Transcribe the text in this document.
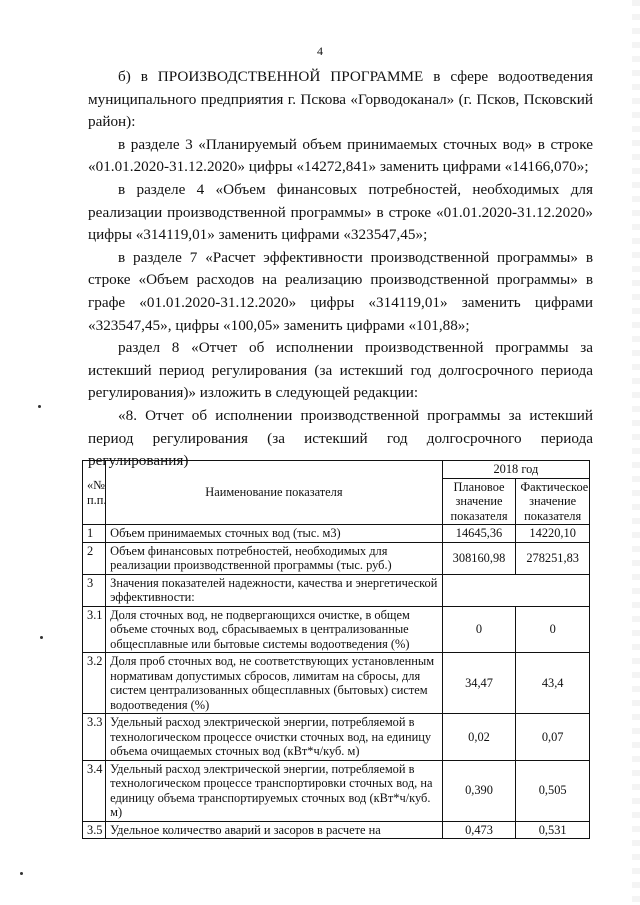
4

б) в ПРОИЗВОДСТВЕННОЙ ПРОГРАММЕ в сфере водоотведения муниципального предприятия г. Пскова «Горводоканал» (г. Псков, Псковский район):

в разделе 3 «Планируемый объем принимаемых сточных вод» в строке «01.01.2020-31.12.2020» цифры «14272,841» заменить цифрами «14166,070»;

в разделе 4 «Объем финансовых потребностей, необходимых для реализации производственной программы» в строке «01.01.2020-31.12.2020» цифры «314119,01» заменить цифрами «323547,45»;

в разделе 7 «Расчет эффективности производственной программы» в строке «Объем расходов на реализацию производственной программы» в графе «01.01.2020-31.12.2020» цифры «314119,01» заменить цифрами «323547,45», цифры «100,05» заменить цифрами «101,88»;

раздел 8 «Отчет об исполнении производственной программы за истекший период регулирования (за истекший год долгосрочного периода регулирования)» изложить в следующей редакции:

«8. Отчет об исполнении производственной программы за истекший период регулирования (за истекший год долгосрочного периода регулирования)

«№ п.п.	Наименование показателя	2018 год	
		Плановое значение показателя	Фактическое значение показателя
1	Объем принимаемых сточных вод (тыс. м3)	14645,36	14220,10
2	Объем финансовых потребностей, необходимых для реализации производственной программы (тыс. руб.)	308160,98	278251,83
3	Значения показателей надежности, качества и энергетической эффективности:		
3.1	Доля сточных вод, не подвергающихся очистке, в общем объеме сточных вод, сбрасываемых в централизованные общесплавные или бытовые системы водоотведения (%)	0	0
3.2	Доля проб сточных вод, не соответствующих установленным нормативам допустимых сбросов, лимитам на сбросы, для систем централизованных общесплавных (бытовых) систем водоотведения (%)	34,47	43,4
3.3	Удельный расход электрической энергии, потребляемой в технологическом процессе очистки сточных вод, на единицу объема очищаемых сточных вод (кВт*ч/куб. м)	0,02	0,07
3.4	Удельный расход электрической энергии, потребляемой в технологическом процессе транспортировки сточных вод, на единицу объема транспортируемых сточных вод (кВт*ч/куб. м)	0,390	0,505
3.5	Удельное количество аварий и засоров в расчете на	0,473	0,531
